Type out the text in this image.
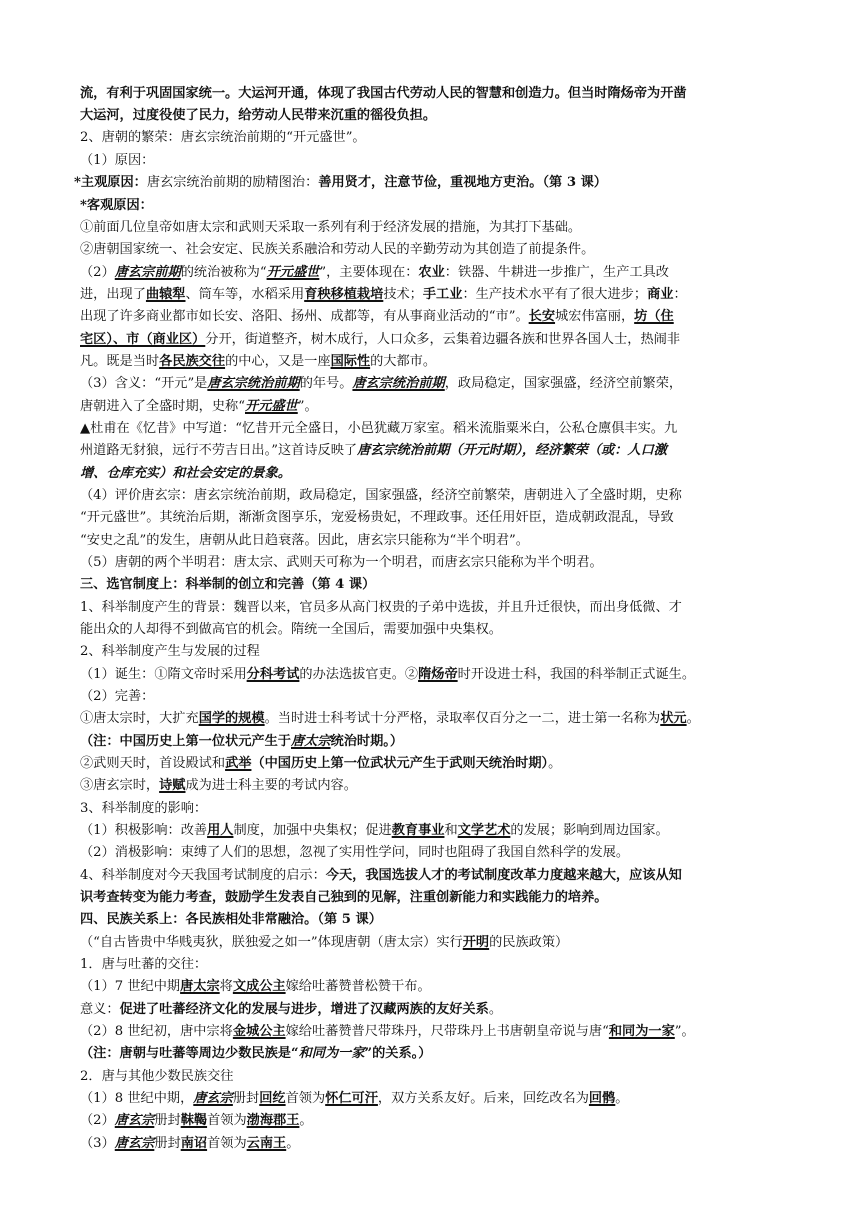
流，有利于巩固国家统一。大运河开通，体现了我国古代劳动人民的智慧和创造力。但当时隋炀帝为开凿
大运河，过度役使了民力，给劳动人民带来沉重的徭役负担。
2、唐朝的繁荣：唐玄宗统治前期的“开元盛世”。
（1）原因：
*主观原因：唐玄宗统治前期的励精图治：善用贤才，注意节俭，重视地方吏治。（第 3 课）
*客观原因：
①前面几位皇帝如唐太宗和武则天采取一系列有利于经济发展的措施，为其打下基础。
②唐朝国家统一、社会安定、民族关系融洽和劳动人民的辛勤劳动为其创造了前提条件。
（2）唐玄宗前期的统治被称为“开元盛世”，主要体现在：农业：铁器、牛耕进一步推广，生产工具改
进，出现了曲辕犁、筒车等，水稻采用育秧移植栽培技术；手工业：生产技术水平有了很大进步；商业：
出现了许多商业都市如长安、洛阳、扬州、成都等，有从事商业活动的“市”。长安城宏伟富丽，坊（住
宅区）、市（商业区）分开，街道整齐，树木成行，人口众多，云集着边疆各族和世界各国人士，热闹非
凡。既是当时各民族交往的中心，又是一座国际性的大都市。
（3）含义：“开元”是唐玄宗统治前期的年号。唐玄宗统治前期，政局稳定，国家强盛，经济空前繁荣，
唐朝进入了全盛时期，史称“开元盛世”。
▲杜甫在《忆昔》中写道：“忆昔开元全盛日，小邑犹藏万家室。稻米流脂粟米白，公私仓廪俱丰实。九
州道路无豺狼，远行不劳吉日出。”这首诗反映了唐玄宗统治前期（开元时期），经济繁荣（或：人口激
增、仓库充实）和社会安定的景象。
（4）评价唐玄宗：唐玄宗统治前期，政局稳定，国家强盛，经济空前繁荣，唐朝进入了全盛时期，史称
“开元盛世”。其统治后期，渐渐贪图享乐，宠爱杨贵妃，不理政事。还任用奸臣，造成朝政混乱，导致
“安史之乱”的发生，唐朝从此日趋衰落。因此，唐玄宗只能称为“半个明君”。
（5）唐朝的两个半明君：唐太宗、武则天可称为一个明君，而唐玄宗只能称为半个明君。
三、选官制度上：科举制的创立和完善（第 4 课）
1、科举制度产生的背景：魏晋以来，官员多从高门权贵的子弟中选拔，并且升迁很快，而出身低微、才
能出众的人却得不到做高官的机会。隋统一全国后，需要加强中央集权。
2、科举制度产生与发展的过程
（1）诞生：①隋文帝时采用分科考试的办法选拔官吏。②隋炀帝时开设进士科，我国的科举制正式诞生。
（2）完善：
①唐太宗时，大扩充国学的规模。当时进士科考试十分严格，录取率仅百分之一二，进士第一名称为状元。
（注：中国历史上第一位状元产生于唐太宗统治时期。）
②武则天时，首设殿试和武举（中国历史上第一位武状元产生于武则天统治时期）。
③唐玄宗时，诗赋成为进士科主要的考试内容。
3、科举制度的影响：
（1）积极影响：改善用人制度，加强中央集权；促进教育事业和文学艺术的发展；影响到周边国家。
（2）消极影响：束缚了人们的思想，忽视了实用性学问，同时也阻碍了我国自然科学的发展。
4、科举制度对今天我国考试制度的启示：今天，我国选拔人才的考试制度改革力度越来越大，应该从知
识考查转变为能力考查，鼓励学生发表自己独到的见解，注重创新能力和实践能力的培养。
四、民族关系上：各民族相处非常融洽。（第 5 课）
（“自古皆贵中华贱夷狄，朕独爱之如一”体现唐朝（唐太宗）实行开明的民族政策）
1．唐与吐蕃的交往：
（1）7 世纪中期唐太宗将文成公主嫁给吐蕃赞普松赞干布。
意义：促进了吐蕃经济文化的发展与进步，增进了汉藏两族的友好关系。
（2）8 世纪初，唐中宗将金城公主嫁给吐蕃赞普尺带珠丹，尺带珠丹上书唐朝皇帝说与唐“和同为一家”。
（注：唐朝与吐蕃等周边少数民族是“和同为一家”的关系。）
2．唐与其他少数民族交往
（1）8 世纪中期，唐玄宗册封回纥首领为怀仁可汗，双方关系友好。后来，回纥改名为回鹘。
（2）唐玄宗册封靺鞨首领为渤海郡王。
（3）唐玄宗册封南诏首领为云南王。
